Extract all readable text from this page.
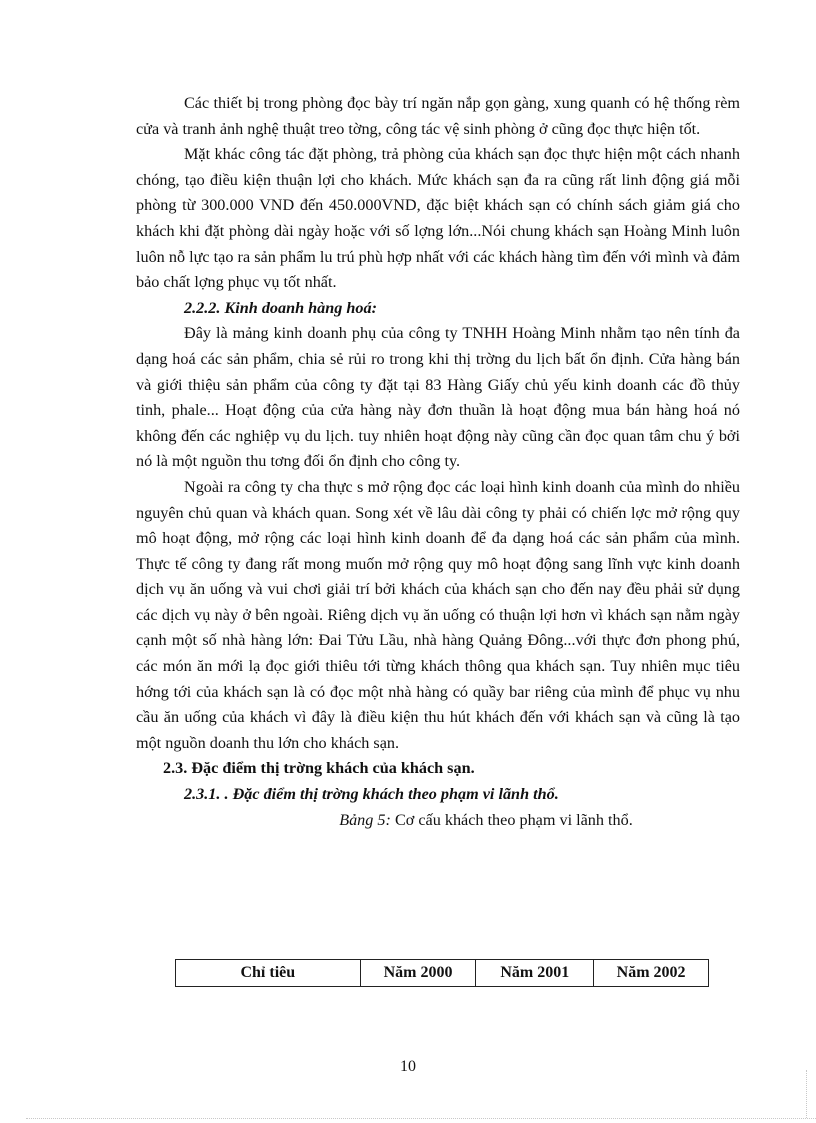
Các thiết bị trong phòng đọc bày trí ngăn nắp gọn gàng, xung quanh có hệ thống rèm cửa và tranh ảnh nghệ thuật treo tờng, công tác vệ sinh phòng ở cũng đọc thực hiện tốt.

Mặt khác công tác đặt phòng, trả phòng của khách sạn đọc thực hiện một cách nhanh chóng, tạo điều kiện thuận lợi cho khách. Mức khách sạn đa ra cũng rất linh động giá mỗi phòng từ 300.000 VND đến 450.000VND, đặc biệt khách sạn có chính sách giảm giá cho khách khi đặt phòng dài ngày hoặc với số lợng lớn...Nói chung khách sạn Hoàng Minh luôn luôn nỗ lực tạo ra sản phẩm lu trú phù hợp nhất với các khách hàng tìm đến với mình và đảm bảo chất lợng phục vụ tốt nhất.

2.2.2. Kinh doanh hàng hoá:

Đây là mảng kinh doanh phụ của công ty TNHH Hoàng Minh nhằm tạo nên tính đa dạng hoá các sản phẩm, chia sẻ rủi ro trong khi thị trờng du lịch bất ổn định. Cửa hàng bán và giới thiệu sản phẩm của công ty đặt tại 83 Hàng Giấy chủ yếu kinh doanh các đồ thủy tinh, phale... Hoạt động của cửa hàng này đơn thuần là hoạt động mua bán hàng hoá nó không đến các nghiệp vụ du lịch. tuy nhiên hoạt động này cũng cần đọc quan tâm chu ý bởi nó là một nguồn thu tơng đối ổn định cho công ty.

Ngoài ra công ty cha thực s mở rộng đọc các loại hình kinh doanh của mình do nhiều nguyên chủ quan và khách quan. Song xét về lâu dài công ty phải có chiến lợc mở rộng quy mô hoạt động, mở rộng các loại hình kinh doanh để đa dạng hoá các sản phẩm của mình. Thực tế công ty đang rất mong muốn mở rộng quy mô hoạt động sang lĩnh vực kinh doanh dịch vụ ăn uống và vui chơi giải trí bởi khách của khách sạn cho đến nay đều phải sử dụng các dịch vụ này ở bên ngoài. Riêng dịch vụ ăn uống có thuận lợi hơn vì khách sạn nằm ngày cạnh một số nhà hàng lớn: Đai Tửu Lầu, nhà hàng Quảng Đông...với thực đơn phong phú, các món ăn mới lạ đọc giới thiêu tới từng khách thông qua khách sạn. Tuy nhiên mục tiêu hớng tới của khách sạn là có đọc một nhà hàng có quầy bar riêng của mình để phục vụ nhu cầu ăn uống của khách vì đây là điều kiện thu hút khách đến với khách sạn và cũng là tạo một nguồn doanh thu lớn cho khách sạn.

2.3. Đặc điểm thị trờng khách của khách sạn.
2.3.1. . Đặc điểm thị trờng khách theo phạm vi lãnh thổ.
Bảng 5: Cơ cấu khách theo phạm vi lãnh thổ.
Chỉ tiêu	Năm 2000	Năm 2001	Năm 2002
10
